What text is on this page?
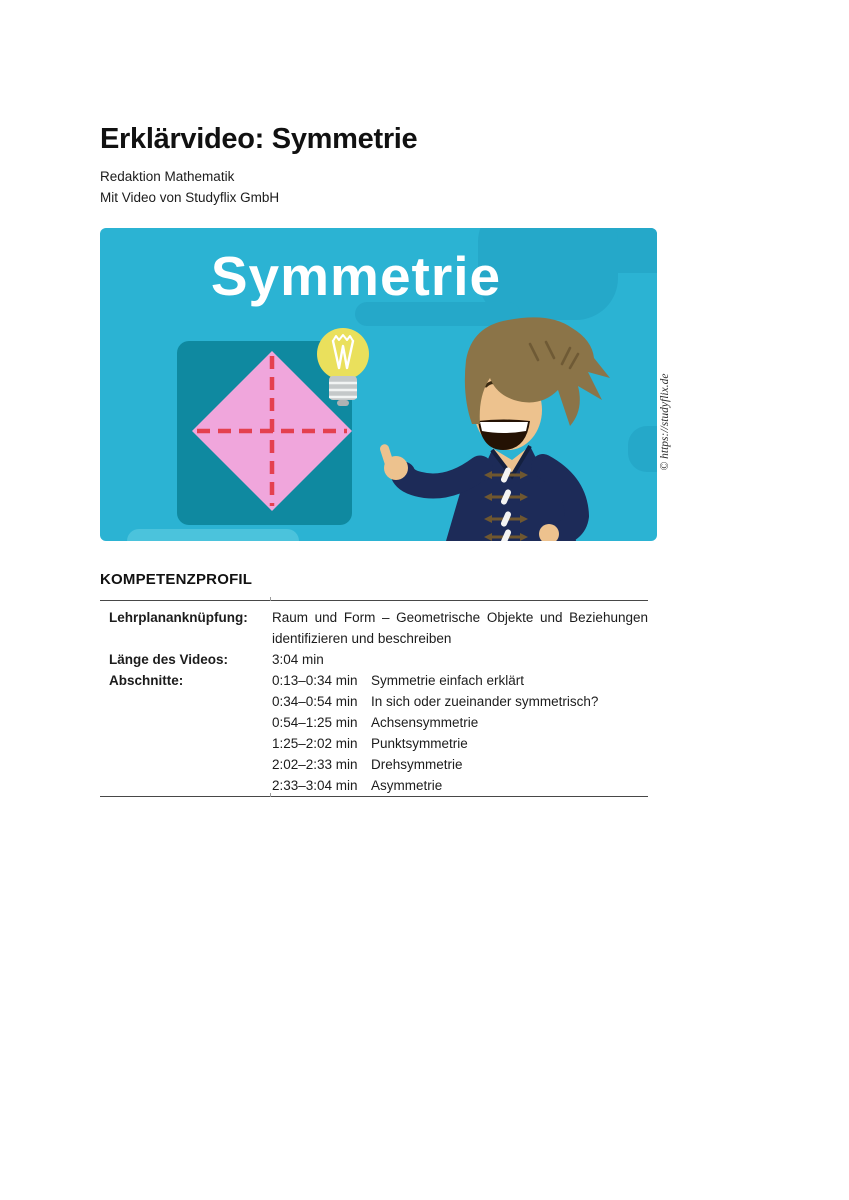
Erklärvideo: Symmetrie
Redaktion Mathematik
Mit Video von Studyflix GmbH
Symmetrie
© https://studyflix.de
KOMPETENZPROFIL
Lehrplananknüpfung:	Raum und Form – Geometrische Objekte und Beziehungen
identifizieren und beschreiben
Länge des Videos:	3:04 min
Abschnitte:	0:13–0:34 min Symmetrie einfach erklärt
0:34–0:54 min In sich oder zueinander symmetrisch?
0:54–1:25 min Achsensymmetrie
1:25–2:02 min Punktsymmetrie
2:02–2:33 min Drehsymmetrie
2:33–3:04 min Asymmetrie
